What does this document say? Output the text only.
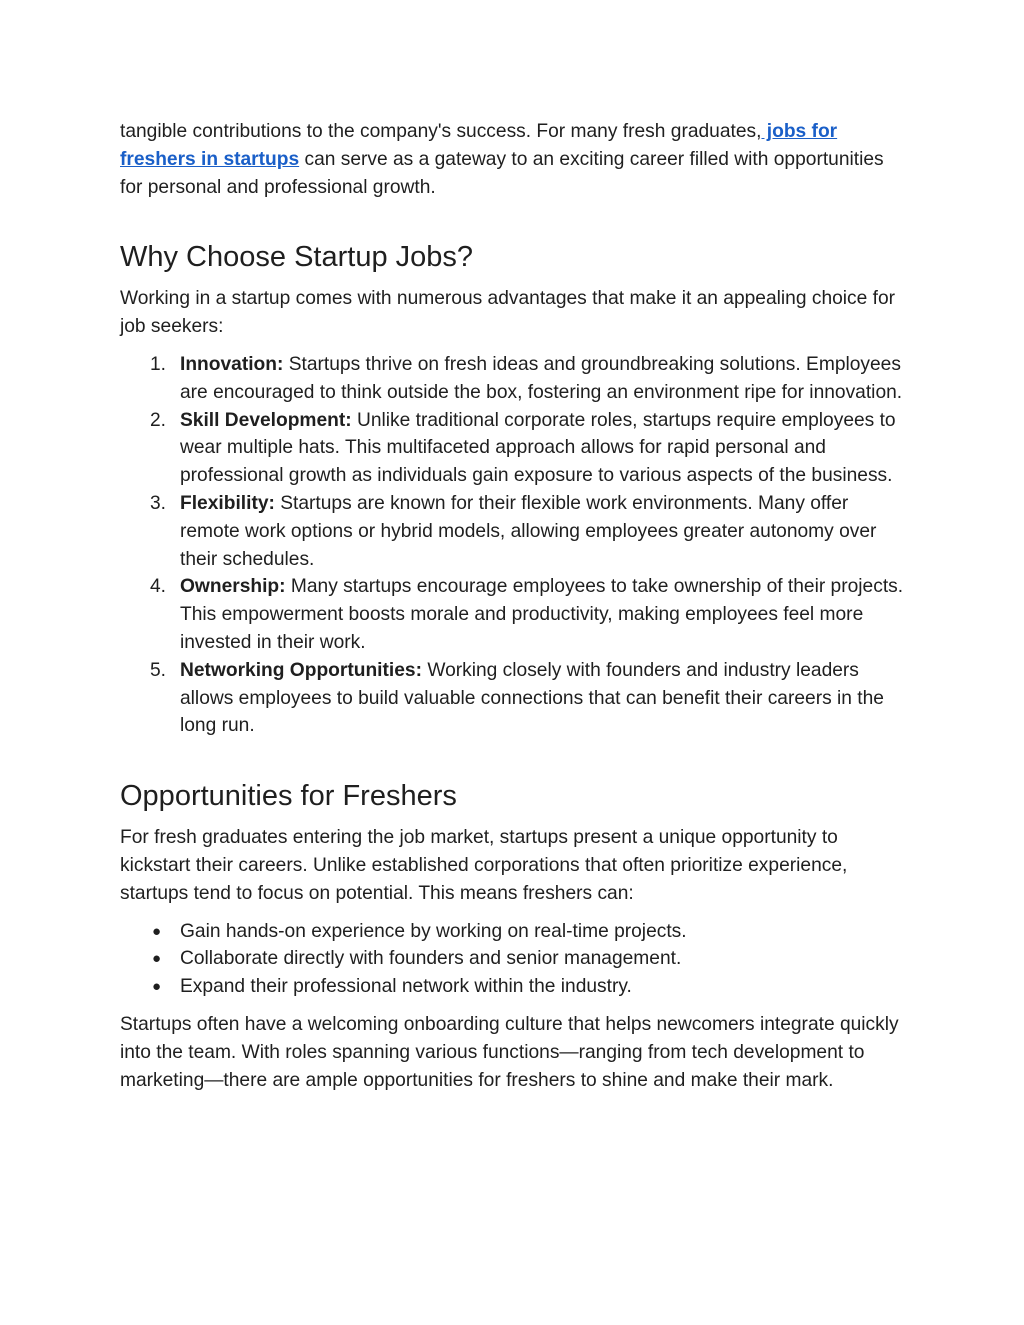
tangible contributions to the company's success. For many fresh graduates, jobs for freshers in startups can serve as a gateway to an exciting career filled with opportunities for personal and professional growth.

Why Choose Startup Jobs?

Working in a startup comes with numerous advantages that make it an appealing choice for job seekers:

1. Innovation: Startups thrive on fresh ideas and groundbreaking solutions. Employees are encouraged to think outside the box, fostering an environment ripe for innovation.
2. Skill Development: Unlike traditional corporate roles, startups require employees to wear multiple hats. This multifaceted approach allows for rapid personal and professional growth as individuals gain exposure to various aspects of the business.
3. Flexibility: Startups are known for their flexible work environments. Many offer remote work options or hybrid models, allowing employees greater autonomy over their schedules.
4. Ownership: Many startups encourage employees to take ownership of their projects. This empowerment boosts morale and productivity, making employees feel more invested in their work.
5. Networking Opportunities: Working closely with founders and industry leaders allows employees to build valuable connections that can benefit their careers in the long run.
Opportunities for Freshers

For fresh graduates entering the job market, startups present a unique opportunity to kickstart their careers. Unlike established corporations that often prioritize experience, startups tend to focus on potential. This means freshers can:

● Gain hands-on experience by working on real-time projects.
● Collaborate directly with founders and senior management.
● Expand their professional network within the industry.

Startups often have a welcoming onboarding culture that helps newcomers integrate quickly into the team. With roles spanning various functions—ranging from tech development to marketing—there are ample opportunities for freshers to shine and make their mark.
